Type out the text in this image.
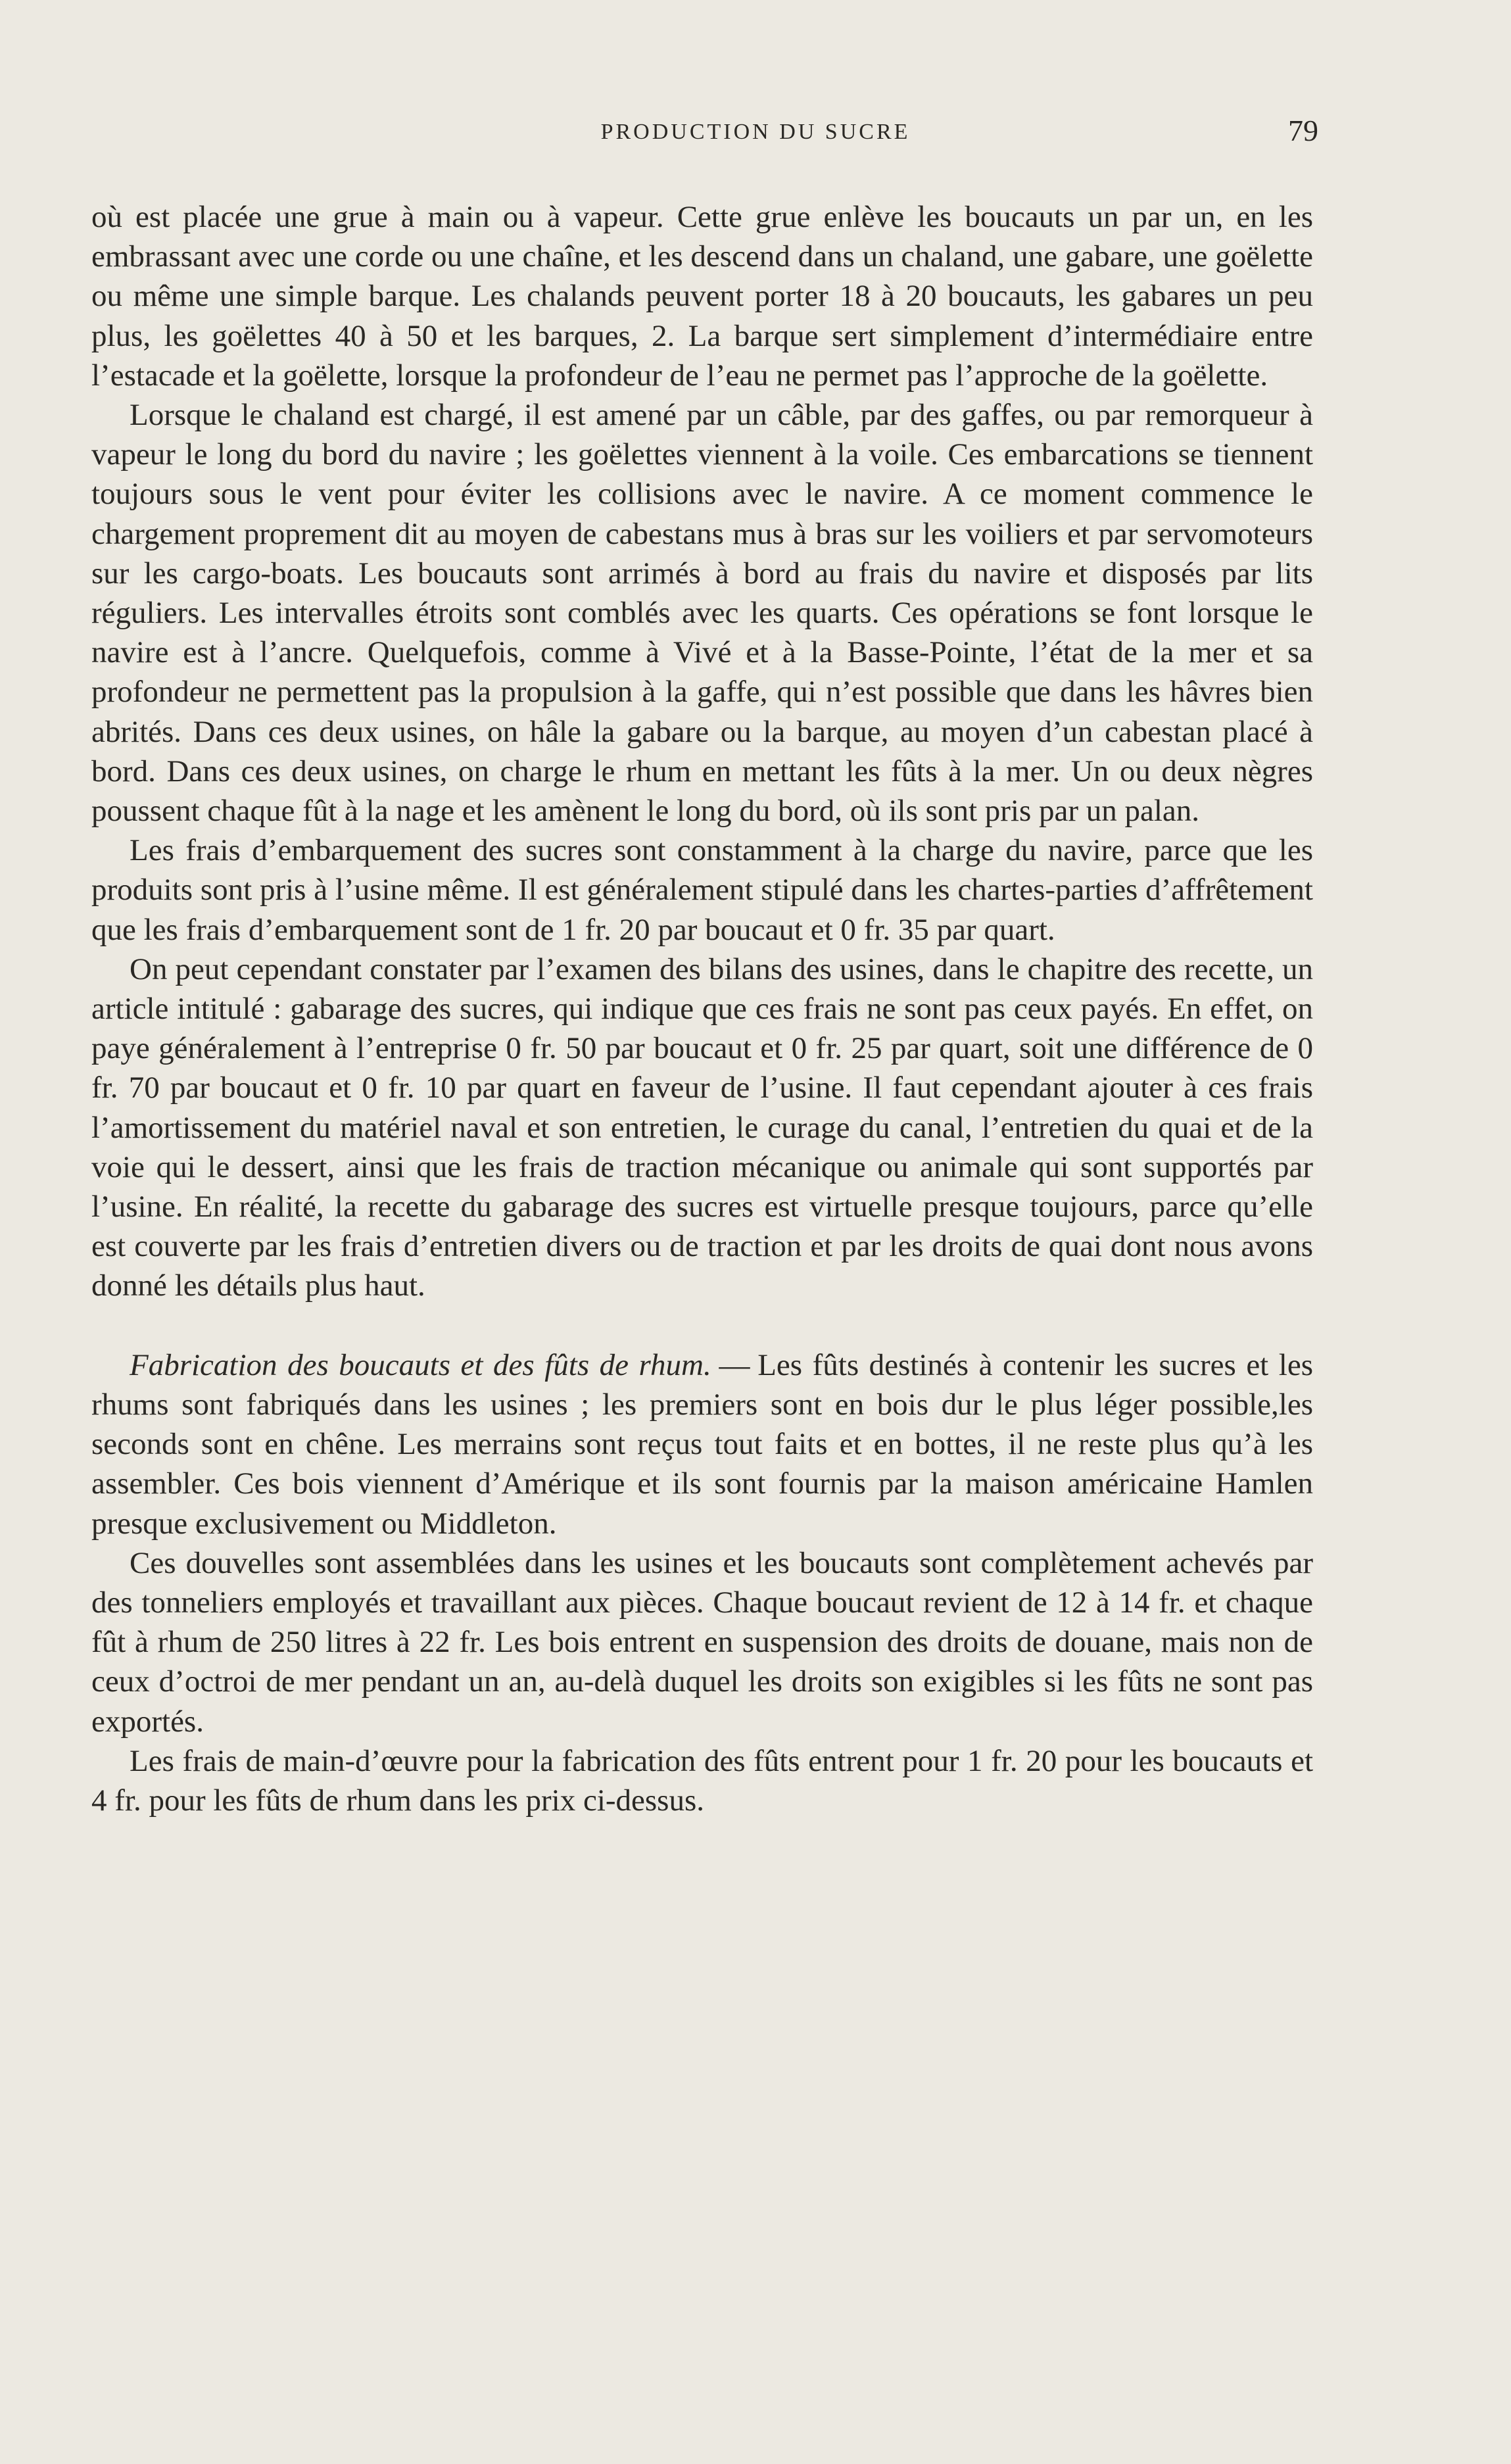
PRODUCTION DU SUCRE	79

où est placée une grue à main ou à vapeur. Cette grue enlève les boucauts un par un, en les embrassant avec une corde ou une chaîne, et les descend dans un chaland, une gabare, une goëlette ou même une simple barque. Les chalands peuvent porter 18 à 20 boucauts, les gabares un peu plus, les goëlettes 40 à 50 et les barques, 2. La barque sert simplement d’intermédiaire entre l’estacade et la goëlette, lorsque la profondeur de l’eau ne permet pas l’approche de la goëlette.

Lorsque le chaland est chargé, il est amené par un câble, par des gaffes, ou par remorqueur à vapeur le long du bord du navire ; les goëlettes viennent à la voile. Ces embarcations se tiennent toujours sous le vent pour éviter les collisions avec le navire. A ce moment commence le chargement proprement dit au moyen de cabestans mus à bras sur les voiliers et par servomoteurs sur les cargo-boats. Les boucauts sont arrimés à bord au frais du navire et disposés par lits réguliers. Les intervalles étroits sont comblés avec les quarts. Ces opérations se font lorsque le navire est à l’ancre. Quelquefois, comme à Vivé et à la Basse-Pointe, l’état de la mer et sa profondeur ne permettent pas la propulsion à la gaffe, qui n’est possible que dans les hâvres bien abrités. Dans ces deux usines, on hâle la gabare ou la barque, au moyen d’un cabestan placé à bord. Dans ces deux usines, on charge le rhum en mettant les fûts à la mer. Un ou deux nègres poussent chaque fût à la nage et les amènent le long du bord, où ils sont pris par un palan.

Les frais d’embarquement des sucres sont constamment à la charge du navire, parce que les produits sont pris à l’usine même. Il est généralement stipulé dans les chartes-parties d’affrêtement que les frais d’embarquement sont de 1 fr. 20 par boucaut et 0 fr. 35 par quart.

On peut cependant constater par l’examen des bilans des usines, dans le chapitre des recette, un article intitulé : gabarage des sucres, qui indique que ces frais ne sont pas ceux payés. En effet, on paye généralement à l’entreprise 0 fr. 50 par boucaut et 0 fr. 25 par quart, soit une différence de 0 fr. 70 par boucaut et 0 fr. 10 par quart en faveur de l’usine. Il faut cependant ajouter à ces frais l’amortissement du matériel naval et son entretien, le curage du canal, l’entretien du quai et de la voie qui le dessert, ainsi que les frais de traction mécanique ou animale qui sont supportés par l’usine. En réalité, la recette du gabarage des sucres est virtuelle presque toujours, parce qu’elle est couverte par les frais d’entretien divers ou de traction et par les droits de quai dont nous avons donné les détails plus haut.

Fabrication des boucauts et des fûts de rhum. — Les fûts destinés à contenir les sucres et les rhums sont fabriqués dans les usines ; les premiers sont en bois dur le plus léger possible,les seconds sont en chêne. Les merrains sont reçus tout faits et en bottes, il ne reste plus qu’à les assembler. Ces bois viennent d’Amérique et ils sont fournis par la maison américaine Hamlen presque exclusivement ou Middleton.

Ces douvelles sont assemblées dans les usines et les boucauts sont complètement achevés par des tonneliers employés et travaillant aux pièces. Chaque boucaut revient de 12 à 14 fr. et chaque fût à rhum de 250 litres à 22 fr. Les bois entrent en suspension des droits de douane, mais non de ceux d’octroi de mer pendant un an, au-delà duquel les droits son exigibles si les fûts ne sont pas exportés.

Les frais de main-d’œuvre pour la fabrication des fûts entrent pour 1 fr. 20 pour les boucauts et 4 fr. pour les fûts de rhum dans les prix ci-dessus.
